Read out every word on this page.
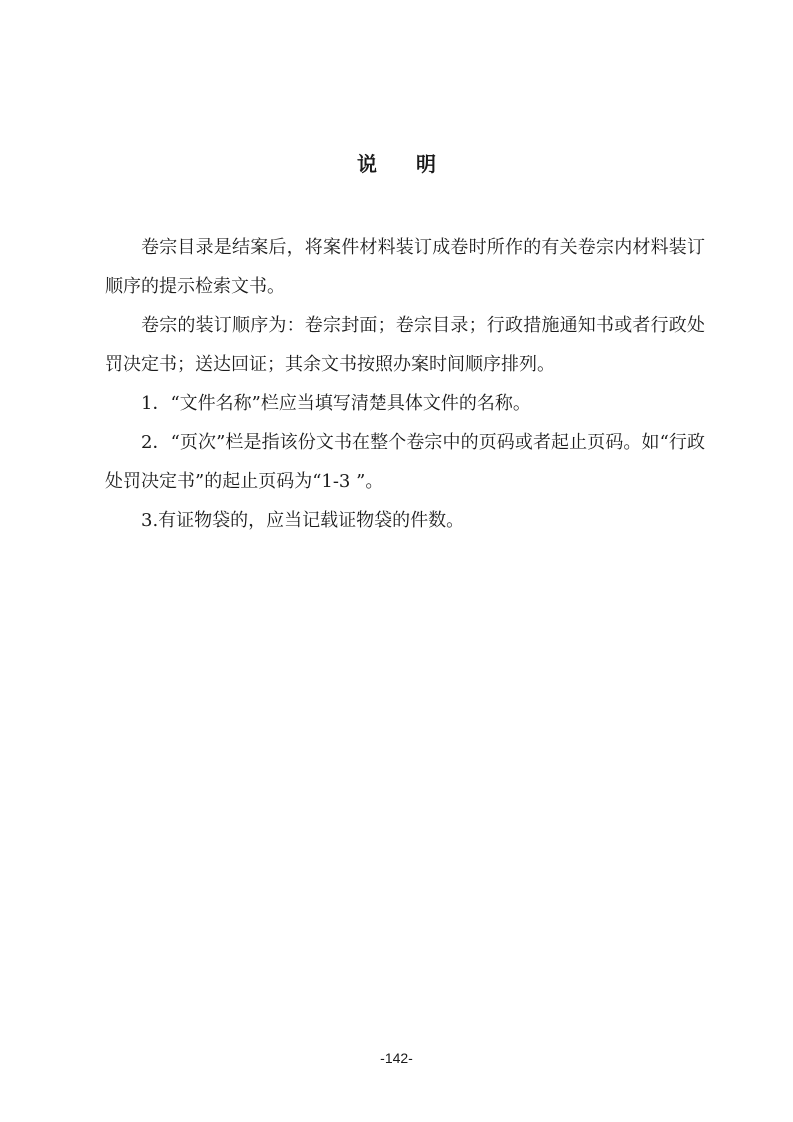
说 明

卷宗目录是结案后，将案件材料装订成卷时所作的有关卷宗内材料装订顺序的提示检索文书。

卷宗的装订顺序为：卷宗封面；卷宗目录；行政措施通知书或者行政处罚决定书；送达回证；其余文书按照办案时间顺序排列。

1．“文件名称”栏应当填写清楚具体文件的名称。

2．“页次”栏是指该份文书在整个卷宗中的页码或者起止页码。如“行政处罚决定书”的起止页码为“1-3 ”。

3.有证物袋的，应当记载证物袋的件数。

-142-
